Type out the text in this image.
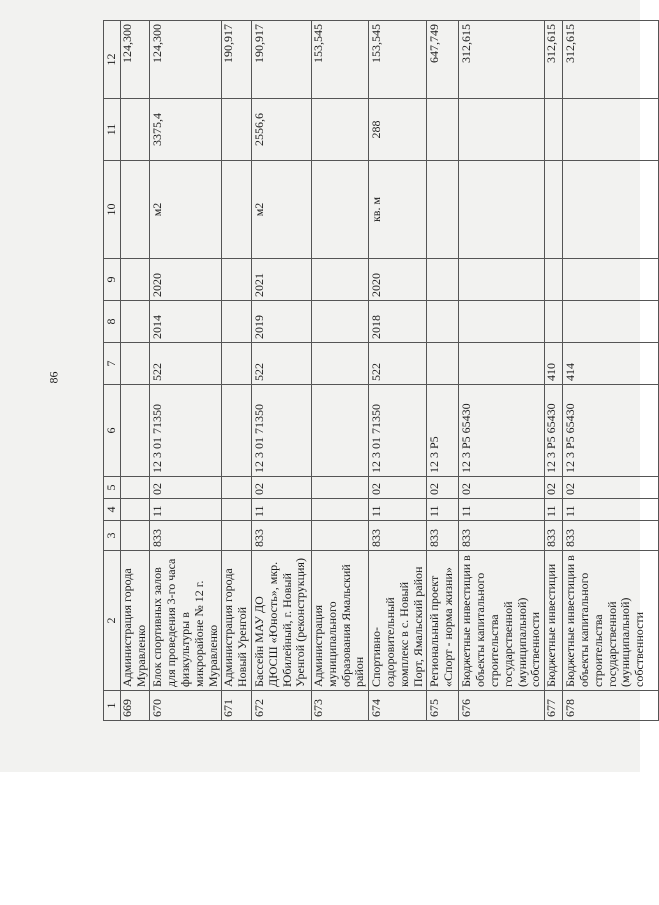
86
1	2	3	4	5	6	7	8	9	10	11	12
669	Администрация города Муравленко										124,300
670	Блок спортивных залов для проведения 3-го часа физкультуры в микрорайоне № 12 г. Муравленко	833	11	02	12 3 01 71350	522	2014	2020	м2	3375,4	124,300
671	Администрация города Новый Уренгой										190,917
672	Бассейн МАУ ДО ДЮСШ «Юность», мкр. Юбилейный, г. Новый Уренгой (реконструкция)	833	11	02	12 3 01 71350	522	2019	2021	м2	2556,6	190,917
673	Администрация муниципального образования Ямальский район										153,545
674	Спортивно-оздоровительный комплекс в с. Новый Порт, Ямальский район	833	11	02	12 3 01 71350	522	2018	2020	кв. м	288	153,545
675	Региональный проект «Спорт - норма жизни»	833	11	02	12 3 P5						647,749
676	Бюджетные инвестиции в объекты капитального строительства государственной (муниципальной) собственности	833	11	02	12 3 P5 65430						312,615
677	Бюджетные инвестиции	833	11	02	12 3 P5 65430	410					312,615
678	Бюджетные инвестиции в объекты капитального строительства государственной (муниципальной) собственности	833	11	02	12 3 P5 65430	414					312,615
